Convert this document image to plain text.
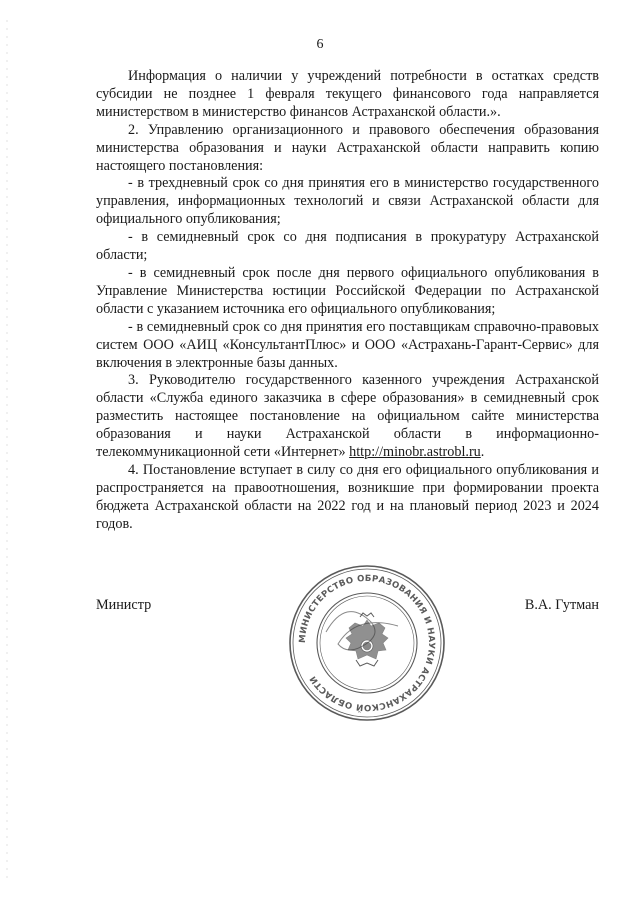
6

Информация о наличии у учреждений потребности в остатках средств субсидии не позднее 1 февраля текущего финансового года направляется министерством в министерство финансов Астраханской области.».

2. Управлению организационного и правового обеспечения образования министерства образования и науки Астраханской области направить копию настоящего постановления:

- в трехдневный срок со дня принятия его в министерство государственного управления, информационных технологий и связи Астраханской области для официального опубликования;

- в семидневный срок со дня подписания в прокуратуру Астраханской области;

- в семидневный срок после дня первого официального опубликования в Управление Министерства юстиции Российской Федерации по Астраханской области с указанием источника его официального опубликования;

- в семидневный срок со дня принятия его поставщикам справочно-правовых систем ООО «АИЦ «КонсультантПлюс» и ООО «Астрахань-Гарант-Сервис» для включения в электронные базы данных.

3. Руководителю государственного казенного учреждения Астраханской области «Служба единого заказчика в сфере образования» в семидневный срок разместить настоящее постановление на официальном сайте министерства образования и науки Астраханской области в информационно-телекоммуникационной сети «Интернет» http://minobr.astrobl.ru.

4. Постановление вступает в силу со дня его официального опубликования и распространяется на правоотношения, возникшие при формировании проекта бюджета Астраханской области на 2022 год и на плановый период 2023 и 2024 годов.

Министр	В.А. Гутман
МИНИСТЕРСТВО ОБРАЗОВАНИЯ И НАУКИ АСТРАХАНСКОЙ ОБЛАСТИ
